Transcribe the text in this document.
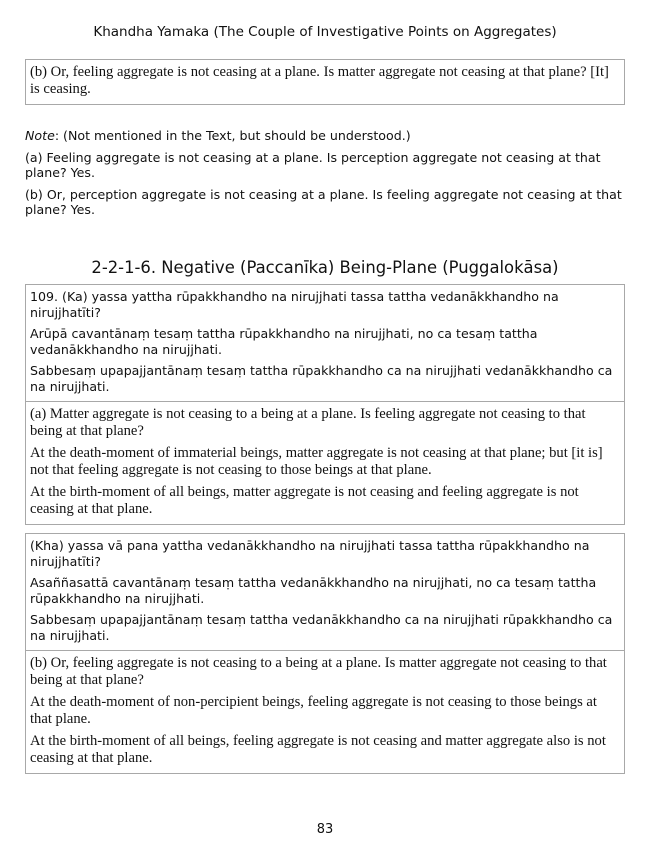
Khandha Yamaka (The Couple of Investigative Points on Aggregates)

(b) Or, feeling aggregate is not ceasing at a plane. Is matter aggregate not ceasing at that plane? [It] is ceasing.

Note: (Not mentioned in the Text, but should be understood.)

(a) Feeling aggregate is not ceasing at a plane. Is perception aggregate not ceasing at that plane? Yes.

(b) Or, perception aggregate is not ceasing at a plane. Is feeling aggregate not ceasing at that plane? Yes.

2-2-1-6. Negative (Paccanīka) Being-Plane (Puggalokāsa)

109. (Ka) yassa yattha rūpakkhandho na nirujjhati tassa tattha vedanākkhandho na nirujjhatīti?

Arūpā cavantānaṃ tesaṃ tattha rūpakkhandho na nirujjhati, no ca tesaṃ tattha vedanākkhandho na nirujjhati.

Sabbesaṃ upapajjantānaṃ tesaṃ tattha rūpakkhandho ca na nirujjhati vedanākkhandho ca na nirujjhati.

(a) Matter aggregate is not ceasing to a being at a plane. Is feeling aggregate not ceasing to that being at that plane?

At the death-moment of immaterial beings, matter aggregate is not ceasing at that plane; but [it is] not that feeling aggregate is not ceasing to those beings at that plane.

At the birth-moment of all beings, matter aggregate is not ceasing and feeling aggregate is not ceasing at that plane.

(Kha) yassa vā pana yattha vedanākkhandho na nirujjhati tassa tattha rūpakkhandho na nirujjhatīti?

Asaññasattā cavantānaṃ tesaṃ tattha vedanākkhandho na nirujjhati, no ca tesaṃ tattha rūpakkhandho na nirujjhati.

Sabbesaṃ upapajjantānaṃ tesaṃ tattha vedanākkhandho ca na nirujjhati rūpakkhandho ca na nirujjhati.

(b) Or, feeling aggregate is not ceasing to a being at a plane. Is matter aggregate not ceasing to that being at that plane?

At the death-moment of non-percipient beings, feeling aggregate is not ceasing to those beings at that plane.

At the birth-moment of all beings, feeling aggregate is not ceasing and matter aggregate also is not ceasing at that plane.

83
